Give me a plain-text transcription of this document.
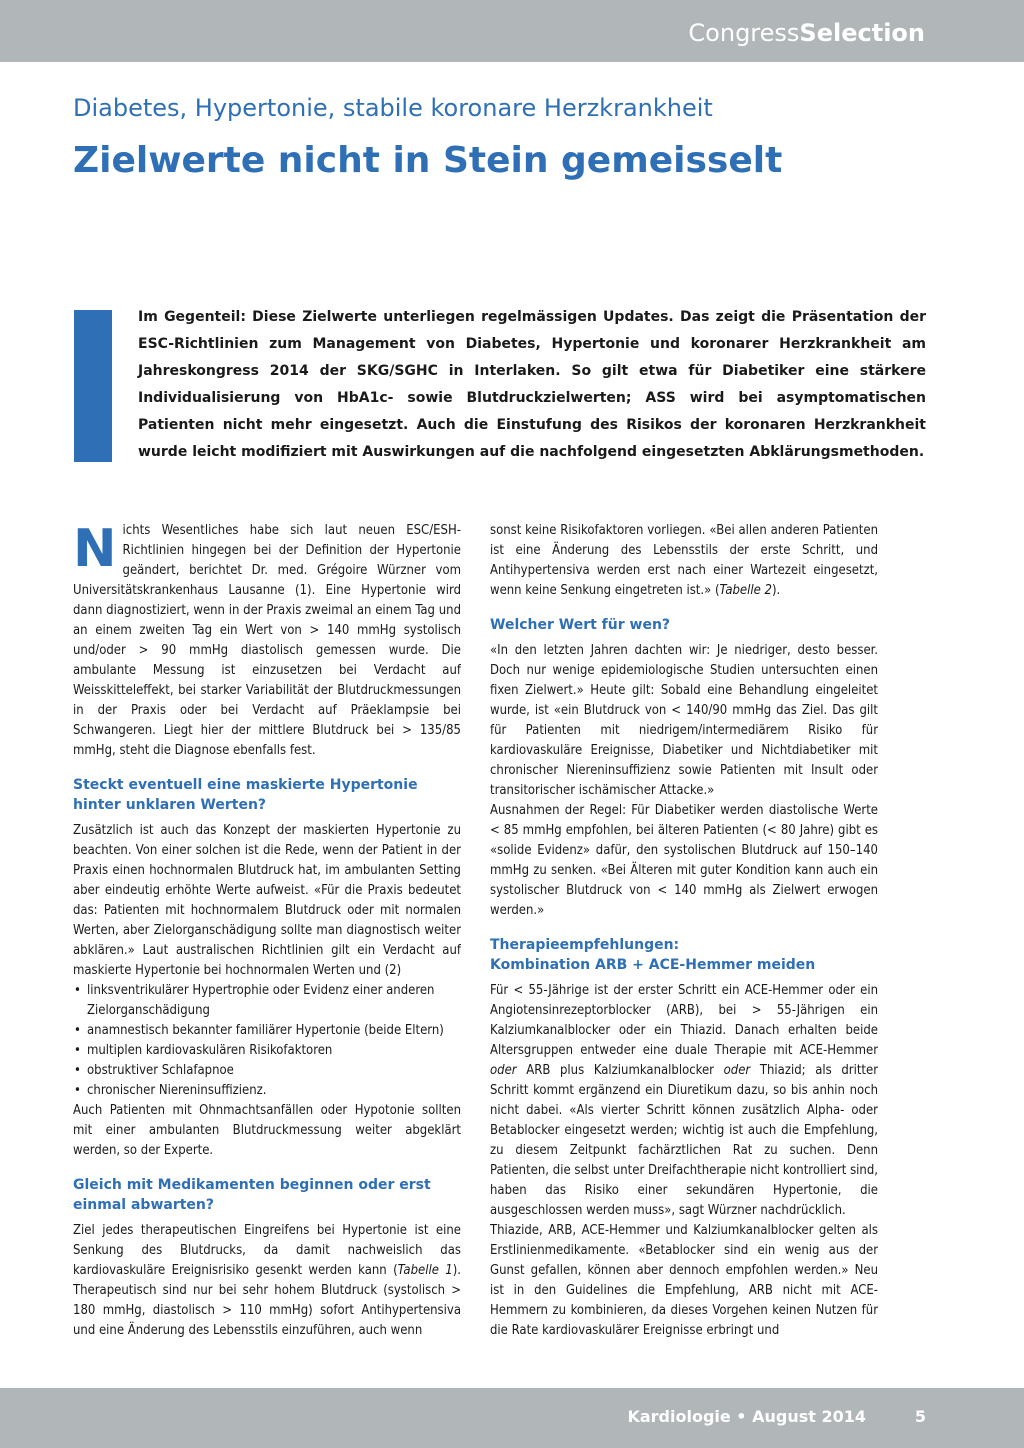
CongressSelection
Diabetes, Hypertonie, stabile koronare Herzkrankheit
Zielwerte nicht in Stein gemeisselt

Im Gegenteil: Diese Zielwerte unterliegen regelmässigen Updates. Das zeigt die Präsentation der ESC-Richtlinien zum Management von Diabetes, Hypertonie und koronarer Herzkrankheit am Jahreskongress 2014 der SKG/SGHC in Interlaken. So gilt etwa für Diabetiker eine stärkere Individualisierung von HbA1c- sowie Blutdruckzielwerten; ASS wird bei asymptomatischen Patienten nicht mehr eingesetzt. Auch die Einstufung des Risikos der koronaren Herzkrankheit wurde leicht modifiziert mit Auswirkungen auf die nachfolgend eingesetzten Abklärungsmethoden.

Nichts Wesentliches habe sich laut neuen ESC/ESH-Richtlinien hingegen bei der Definition der Hypertonie geändert, berichtet Dr. med. Grégoire Würzner vom Universitätskrankenhaus Lausanne (1). Eine Hypertonie wird dann diagnostiziert, wenn in der Praxis zweimal an einem Tag und an einem zweiten Tag ein Wert von > 140 mmHg systolisch und/oder > 90 mmHg diastolisch gemessen wurde. Die ambulante Messung ist einzusetzen bei Verdacht auf Weisskitteleffekt, bei starker Variabilität der Blutdruckmessungen in der Praxis oder bei Verdacht auf Präeklampsie bei Schwangeren. Liegt hier der mittlere Blutdruck bei > 135/85 mmHg, steht die Diagnose ebenfalls fest.

Steckt eventuell eine maskierte Hypertonie hinter unklaren Werten?

Zusätzlich ist auch das Konzept der maskierten Hypertonie zu beachten. Von einer solchen ist die Rede, wenn der Patient in der Praxis einen hochnormalen Blutdruck hat, im ambulanten Setting aber eindeutig erhöhte Werte aufweist. «Für die Praxis bedeutet das: Patienten mit hochnormalem Blutdruck oder mit normalen Werten, aber Zielorganschädigung sollte man diagnostisch weiter abklären.» Laut australischen Richtlinien gilt ein Verdacht auf maskierte Hypertonie bei hochnormalen Werten und (2)

• linksventrikulärer Hypertrophie oder Evidenz einer anderen Zielorganschädigung
• anamnestisch bekannter familiärer Hypertonie (beide Eltern)
• multiplen kardiovaskulären Risikofaktoren
• obstruktiver Schlafapnoe
• chronischer Niereninsuffizienz.

Auch Patienten mit Ohnmachtsanfällen oder Hypotonie sollten mit einer ambulanten Blutdruckmessung weiter abgeklärt werden, so der Experte.

Gleich mit Medikamenten beginnen oder erst einmal abwarten?

Ziel jedes therapeutischen Eingreifens bei Hypertonie ist eine Senkung des Blutdrucks, da damit nachweislich das kardiovaskuläre Ereignisrisiko gesenkt werden kann (Tabelle 1). Therapeutisch sind nur bei sehr hohem Blutdruck (systolisch > 180 mmHg, diastolisch > 110 mmHg) sofort Antihypertensiva und eine Änderung des Lebensstils einzuführen, auch wenn

sonst keine Risikofaktoren vorliegen. «Bei allen anderen Patienten ist eine Änderung des Lebensstils der erste Schritt, und Antihypertensiva werden erst nach einer Wartezeit eingesetzt, wenn keine Senkung eingetreten ist.» (Tabelle 2).

Welcher Wert für wen?

«In den letzten Jahren dachten wir: Je niedriger, desto besser. Doch nur wenige epidemiologische Studien untersuchten einen fixen Zielwert.» Heute gilt: Sobald eine Behandlung eingeleitet wurde, ist «ein Blutdruck von < 140/90 mmHg das Ziel. Das gilt für Patienten mit niedrigem/intermediärem Risiko für kardiovaskuläre Ereignisse, Diabetiker und Nichtdiabetiker mit chronischer Niereninsuffizienz sowie Patienten mit Insult oder transitorischer ischämischer Attacke.»

Ausnahmen der Regel: Für Diabetiker werden diastolische Werte < 85 mmHg empfohlen, bei älteren Patienten (< 80 Jahre) gibt es «solide Evidenz» dafür, den systolischen Blutdruck auf 150–140 mmHg zu senken. «Bei Älteren mit guter Kondition kann auch ein systolischer Blutdruck von < 140 mmHg als Zielwert erwogen werden.»

Therapieempfehlungen:
Kombination ARB + ACE-Hemmer meiden

Für < 55-Jährige ist der erster Schritt ein ACE-Hemmer oder ein Angiotensinrezeptorblocker (ARB), bei > 55-Jährigen ein Kalziumkanalblocker oder ein Thiazid. Danach erhalten beide Altersgruppen entweder eine duale Therapie mit ACE-Hemmer oder ARB plus Kalziumkanalblocker oder Thiazid; als dritter Schritt kommt ergänzend ein Diuretikum dazu, so bis anhin noch nicht dabei. «Als vierter Schritt können zusätzlich Alpha- oder Betablocker eingesetzt werden; wichtig ist auch die Empfehlung, zu diesem Zeitpunkt fachärztlichen Rat zu suchen. Denn Patienten, die selbst unter Dreifachtherapie nicht kontrolliert sind, haben das Risiko einer sekundären Hypertonie, die ausgeschlossen werden muss», sagt Würzner nachdrücklich.

Thiazide, ARB, ACE-Hemmer und Kalziumkanalblocker gelten als Erstlinienmedikamente. «Betablocker sind ein wenig aus der Gunst gefallen, können aber dennoch empfohlen werden.» Neu ist in den Guidelines die Empfehlung, ARB nicht mit ACE-Hemmern zu kombinieren, da dieses Vorgehen keinen Nutzen für die Rate kardiovaskulärer Ereignisse erbringt und

Kardiologie • August 2014	5
